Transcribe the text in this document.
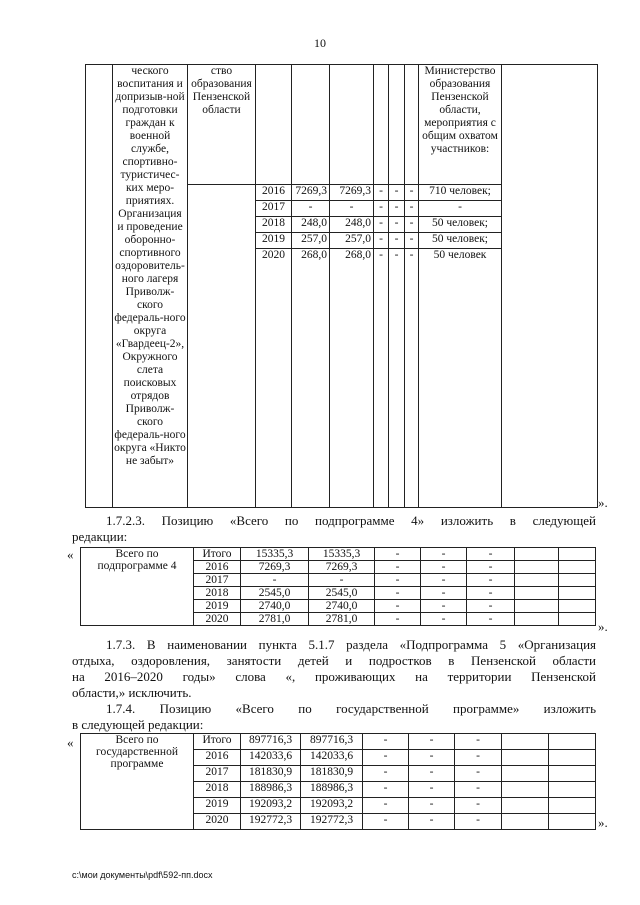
10
	ческого воспитания и допризыв-ной подготовки граждан к военной службе, спортивно-туристичес-ких меро-приятиях. Организация и проведение оборонно-спортивного оздоровитель-ного лагеря Приволж-ского федераль-ного округа «Гвардеец-2», Окружного слета поисковых отрядов Приволж-ского федераль-ного округа «Никто не забыт»	ство образования Пензенской области							Министерство образования Пензенской области, мероприятия с общим охватом участников:	
			2016	7269,3	7269,3	-	-	-	710 человек;	
			2017	-	-	-	-	-	-	
			2018	248,0	248,0	-	-	-	50 человек;	
			2019	257,0	257,0	-	-	-	50 человек;	
			2020	268,0	268,0	-	-	-	50 человек	
».
1.7.2.3. Позицию «Всего по подпрограмме 4» изложить в следующей
редакции:
«	Всего по подпрограмме 4	Итого	15335,3	15335,3	-	-	-		
	2016	7269,3	7269,3	-	-	-		
	2017	-	-	-	-	-		
	2018	2545,0	2545,0	-	-	-		
	2019	2740,0	2740,0	-	-	-		
	2020	2781,0	2781,0	-	-	-			».
1.7.3. В наименовании пункта 5.1.7 раздела «Подпрограмма 5 «Организация
отдыха, оздоровления, занятости детей и подростков в Пензенской области
на 2016–2020 годы» слова «, проживающих на территории Пензенской
области,» исключить.
1.7.4. Позицию «Всего по государственной программе» изложить
в следующей редакции:
«	Всего по государственной программе	Итого	897716,3	897716,3	-	-	-		
	2016	142033,6	142033,6	-	-	-		
	2017	181830,9	181830,9	-	-	-		
	2018	188986,3	188986,3	-	-	-		
	2019	192093,2	192093,2	-	-	-		
	2020	192772,3	192772,3	-	-	-			».
c:\мои документы\pdf\592-пп.docx
